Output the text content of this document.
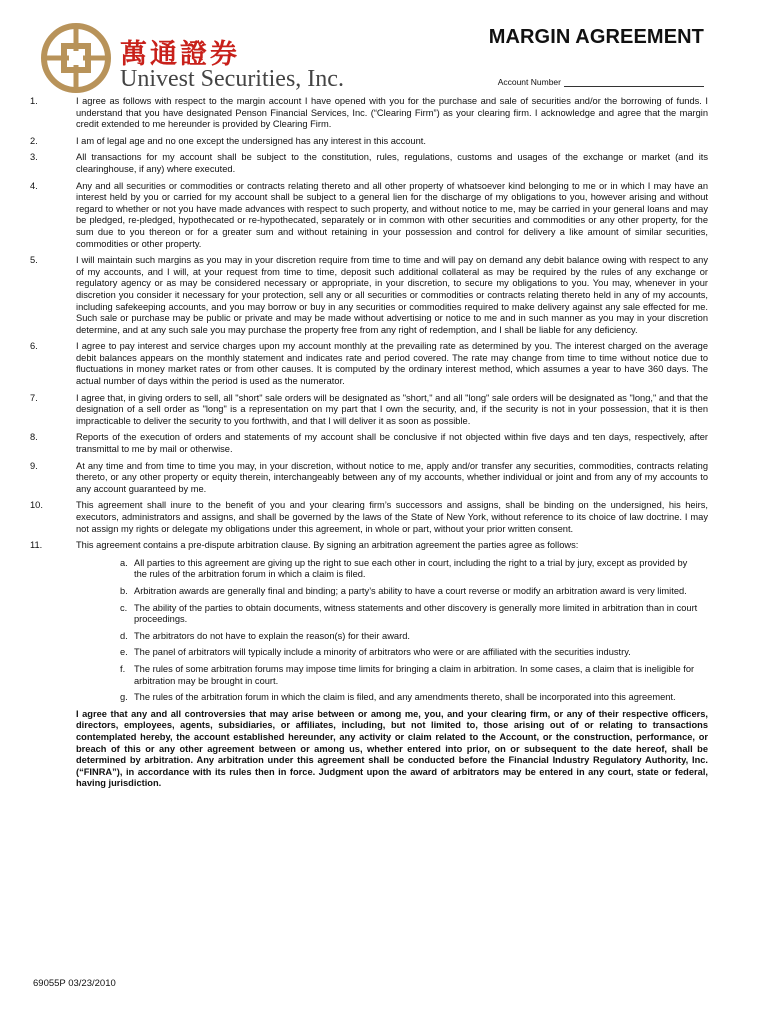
萬通證券
Univest Securities, Inc.
MARGIN AGREEMENT
Account Number
1.	I agree as follows with respect to the margin account I have opened with you for the purchase and sale of securities and/or the borrowing of funds. I understand that you have designated Penson Financial Services, Inc. (“Clearing Firm”) as your clearing firm. I acknowledge and agree that the margin credit extended to me hereunder is provided by Clearing Firm.
2.	I am of legal age and no one except the undersigned has any interest in this account.
3.	All transactions for my account shall be subject to the constitution, rules, regulations, customs and usages of the exchange or market (and its clearinghouse, if any) where executed.
4.	Any and all securities or commodities or contracts relating thereto and all other property of whatsoever kind belonging to me or in which I may have an interest held by you or carried for my account shall be subject to a general lien for the discharge of my obligations to you, however arising and without regard to whether or not you have made advances with respect to such property, and without notice to me, may be carried in your general loans and may be pledged, re-pledged, hypothecated or re-hypothecated, separately or in common with other securities and commodities or any other property, for the sum due to you thereon or for a greater sum and without retaining in your possession and control for delivery a like amount of similar securities, commodities or other property.
5.	I will maintain such margins as you may in your discretion require from time to time and will pay on demand any debit balance owing with respect to any of my accounts, and I will, at your request from time to time, deposit such additional collateral as may be required by the rules of any exchange or regulatory agency or as may be considered necessary or appropriate, in your discretion, to secure my obligations to you. You may, whenever in your discretion you consider it necessary for your protection, sell any or all securities or commodities or contracts relating thereto held in any of my accounts, including safekeeping accounts, and you may borrow or buy in any securities or commodities required to make delivery against any sale effected for me. Such sale or purchase may be public or private and may be made without advertising or notice to me and in such manner as you may in your discretion determine, and at any such sale you may purchase the property free from any right of redemption, and I shall be liable for any deficiency.
6.	I agree to pay interest and service charges upon my account monthly at the prevailing rate as determined by you. The interest charged on the average debit balances appears on the monthly statement and indicates rate and period covered. The rate may change from time to time without notice due to fluctuations in money market rates or from other causes. It is computed by the ordinary interest method, which assumes a year to have 360 days. The actual number of days within the period is used as the numerator.
7.	I agree that, in giving orders to sell, all "short" sale orders will be designated as "short," and all "long" sale orders will be designated as "long," and that the designation of a sell order as "long" is a representation on my part that I own the security, and, if the security is not in your possession, that it is then impracticable to deliver the security to you forthwith, and that I will deliver it as soon as possible.
8.	Reports of the execution of orders and statements of my account shall be conclusive if not objected within five days and ten days, respectively, after transmittal to me by mail or otherwise.
9.	At any time and from time to time you may, in your discretion, without notice to me, apply and/or transfer any securities, commodities, contracts relating thereto, or any other property or equity therein, interchangeably between any of my accounts, whether individual or joint and from any of my accounts to any account guaranteed by me.
10.	This agreement shall inure to the benefit of you and your clearing firm’s successors and assigns, shall be binding on the undersigned, his heirs, executors, administrators and assigns, and shall be governed by the laws of the State of New York, without reference to its choice of law doctrine. I may not assign my rights or delegate my obligations under this agreement, in whole or part, without your prior written consent.
11.	This agreement contains a pre-dispute arbitration clause. By signing an arbitration agreement the parties agree as follows:
a. All parties to this agreement are giving up the right to sue each other in court, including the right to a trial by jury, except as provided by the rules of the arbitration forum in which a claim is filed.
b. Arbitration awards are generally final and binding; a party’s ability to have a court reverse or modify an arbitration award is very limited.
c. The ability of the parties to obtain documents, witness statements and other discovery is generally more limited in arbitration than in court proceedings.
d. The arbitrators do not have to explain the reason(s) for their award.
e. The panel of arbitrators will typically include a minority of arbitrators who were or are affiliated with the securities industry.
f. The rules of some arbitration forums may impose time limits for bringing a claim in arbitration. In some cases, a claim that is ineligible for arbitration may be brought in court.
g. The rules of the arbitration forum in which the claim is filed, and any amendments thereto, shall be incorporated into this agreement.
I agree that any and all controversies that may arise between or among me, you, and your clearing firm, or any of their respective officers, directors, employees, agents, subsidiaries, or affiliates, including, but not limited to, those arising out of or relating to transactions contemplated hereby, the account established hereunder, any activity or claim related to the Account, or the construction, performance, or breach of this or any other agreement between or among us, whether entered into prior, on or subsequent to the date hereof, shall be determined by arbitration. Any arbitration under this agreement shall be conducted before the Financial Industry Regulatory Authority, Inc. (“FINRA”), in accordance with its rules then in force. Judgment upon the award of arbitrators may be entered in any court, state or federal, having jurisdiction.
69055P 03/23/2010
